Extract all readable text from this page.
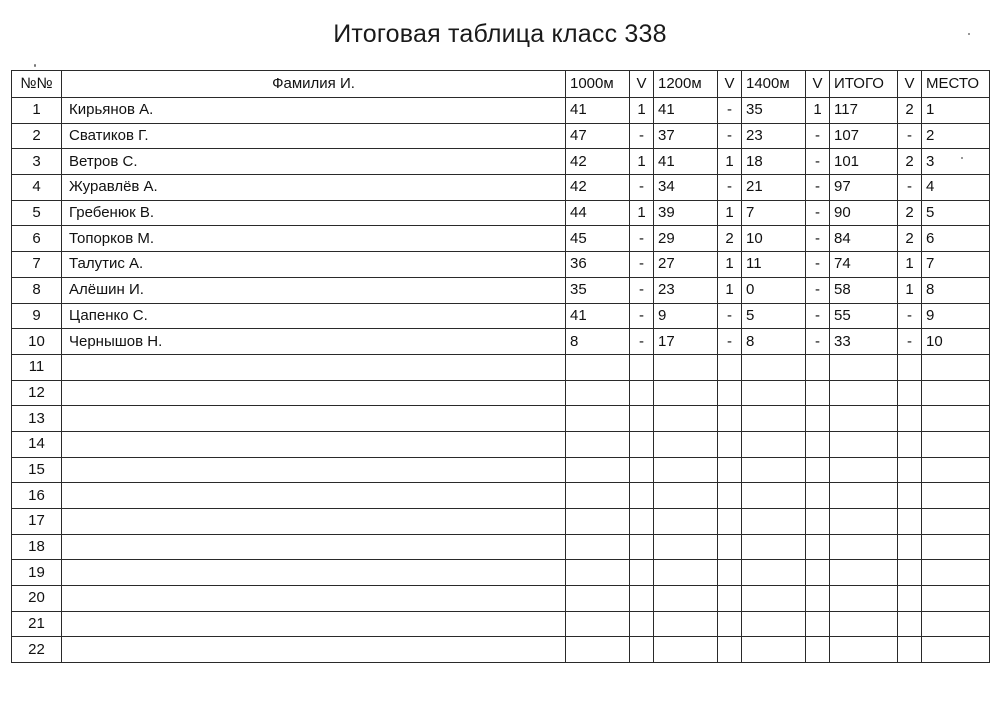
Итоговая таблица класс 338
№№	Фамилия И.	1000м	V	1200м	V	1400м	V	ИТОГО	V	МЕСТО
1	Кирьянов А.	41	1	41	-	35	1	117	2	1
2	Сватиков Г.	47	-	37	-	23	-	107	-	2
3	Ветров С.	42	1	41	1	18	-	101	2	3
4	Журавлёв А.	42	-	34	-	21	-	97	-	4
5	Гребенюк В.	44	1	39	1	7	-	90	2	5
6	Топорков М.	45	-	29	2	10	-	84	2	6
7	Талутис А.	36	-	27	1	11	-	74	1	7
8	Алёшин И.	35	-	23	1	0	-	58	1	8
9	Цапенко С.	41	-	9	-	5	-	55	-	9
10	Чернышов Н.	8	-	17	-	8	-	33	-	10
11										
12										
13										
14										
15										
16										
17										
18										
19										
20										
21										
22										
